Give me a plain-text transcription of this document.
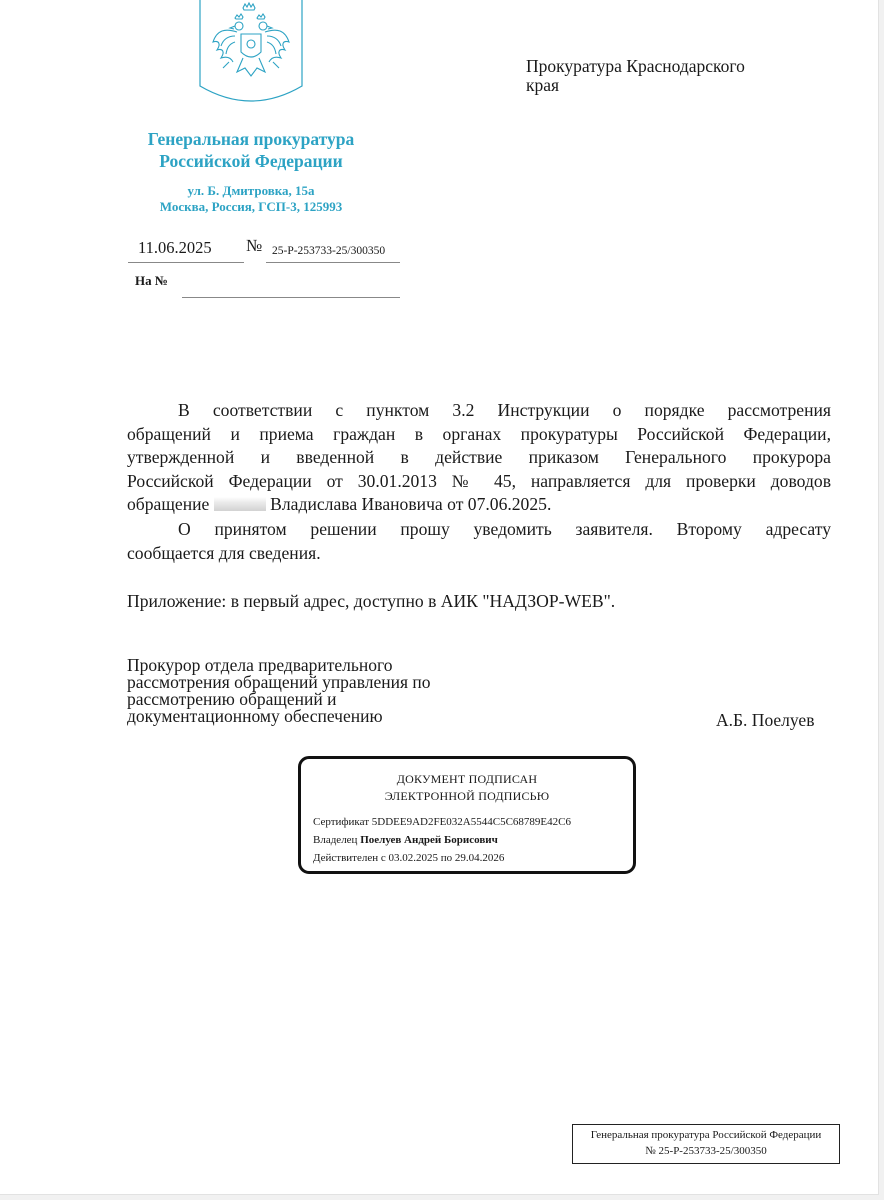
Генеральная прокуратура
Российской Федерации
ул. Б. Дмитровка, 15а
Москва, Россия, ГСП-3, 125993
Прокуратура Краснодарского
края
11.06.2025 № 25-Р-253733-25/300350
На №
В соответствии с пунктом 3.2 Инструкции о порядке рассмотрения
обращений и приема граждан в органах прокуратуры Российской Федерации,
утвержденной и введенной в действие приказом Генерального прокурора
Российской Федерации от 30.01.2013 № 45, направляется для проверки доводов
обращение	Владислава Ивановича от 07.06.2025.
О принятом решении прошу уведомить заявителя. Второму адресату
сообщается для сведения.
Приложение: в первый адрес, доступно в АИК "НАДЗОР-WEB".
Прокурор отдела предварительного
рассмотрения обращений управления по
рассмотрению обращений и
документационному обеспечению	А.Б. Поелуев
ДОКУМЕНТ ПОДПИСАН
ЭЛЕКТРОННОЙ ПОДПИСЬЮ
Сертификат 5DDEE9AD2FE032A5544C5C68789E42C6
Владелец Поелуев Андрей Борисович
Действителен с 03.02.2025 по 29.04.2026
Генеральная прокуратура Российской Федерации
№ 25-Р-253733-25/300350
